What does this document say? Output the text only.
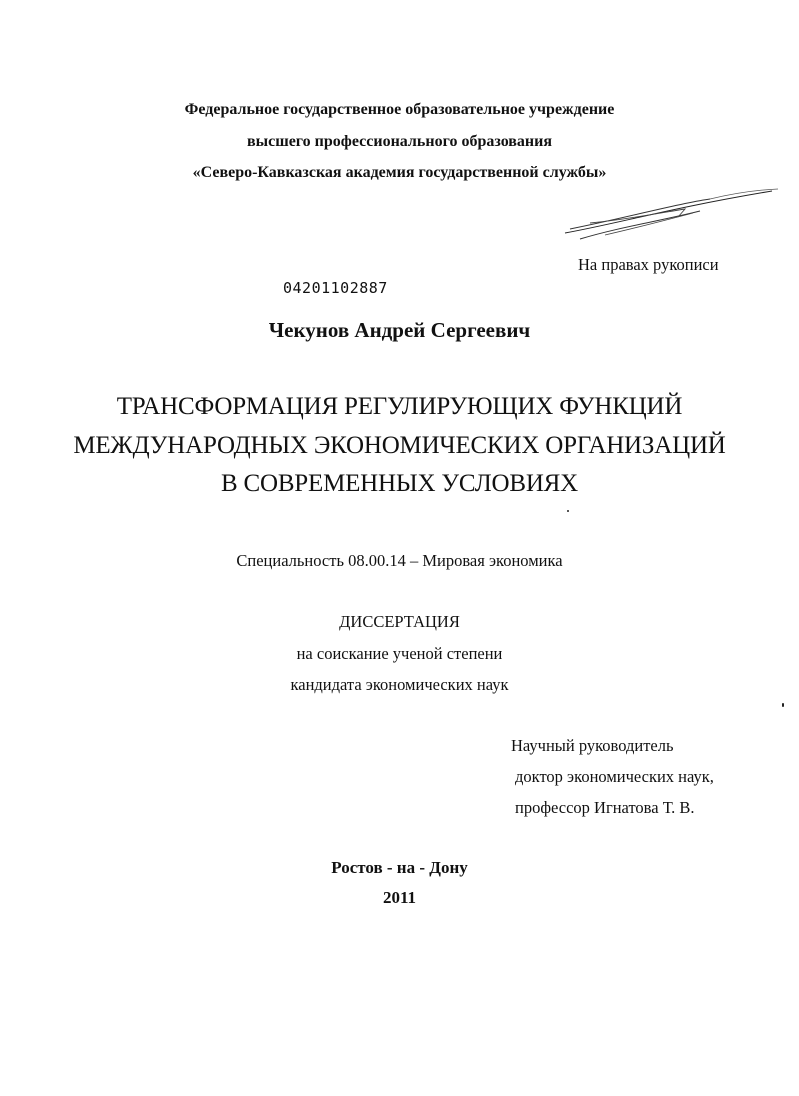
Федеральное государственное образовательное учреждение
высшего профессионального образования
«Северо-Кавказская академия государственной службы»
На правах рукописи
04201102887
Чекунов Андрей Сергеевич
ТРАНСФОРМАЦИЯ РЕГУЛИРУЮЩИХ ФУНКЦИЙ
МЕЖДУНАРОДНЫХ ЭКОНОМИЧЕСКИХ ОРГАНИЗАЦИЙ
В СОВРЕМЕННЫХ УСЛОВИЯХ
Специальность 08.00.14 – Мировая экономика
ДИССЕРТАЦИЯ
на соискание ученой степени
кандидата экономических наук
Научный руководитель
доктор экономических наук,
профессор Игнатова Т. В.
Ростов - на - Дону
2011
